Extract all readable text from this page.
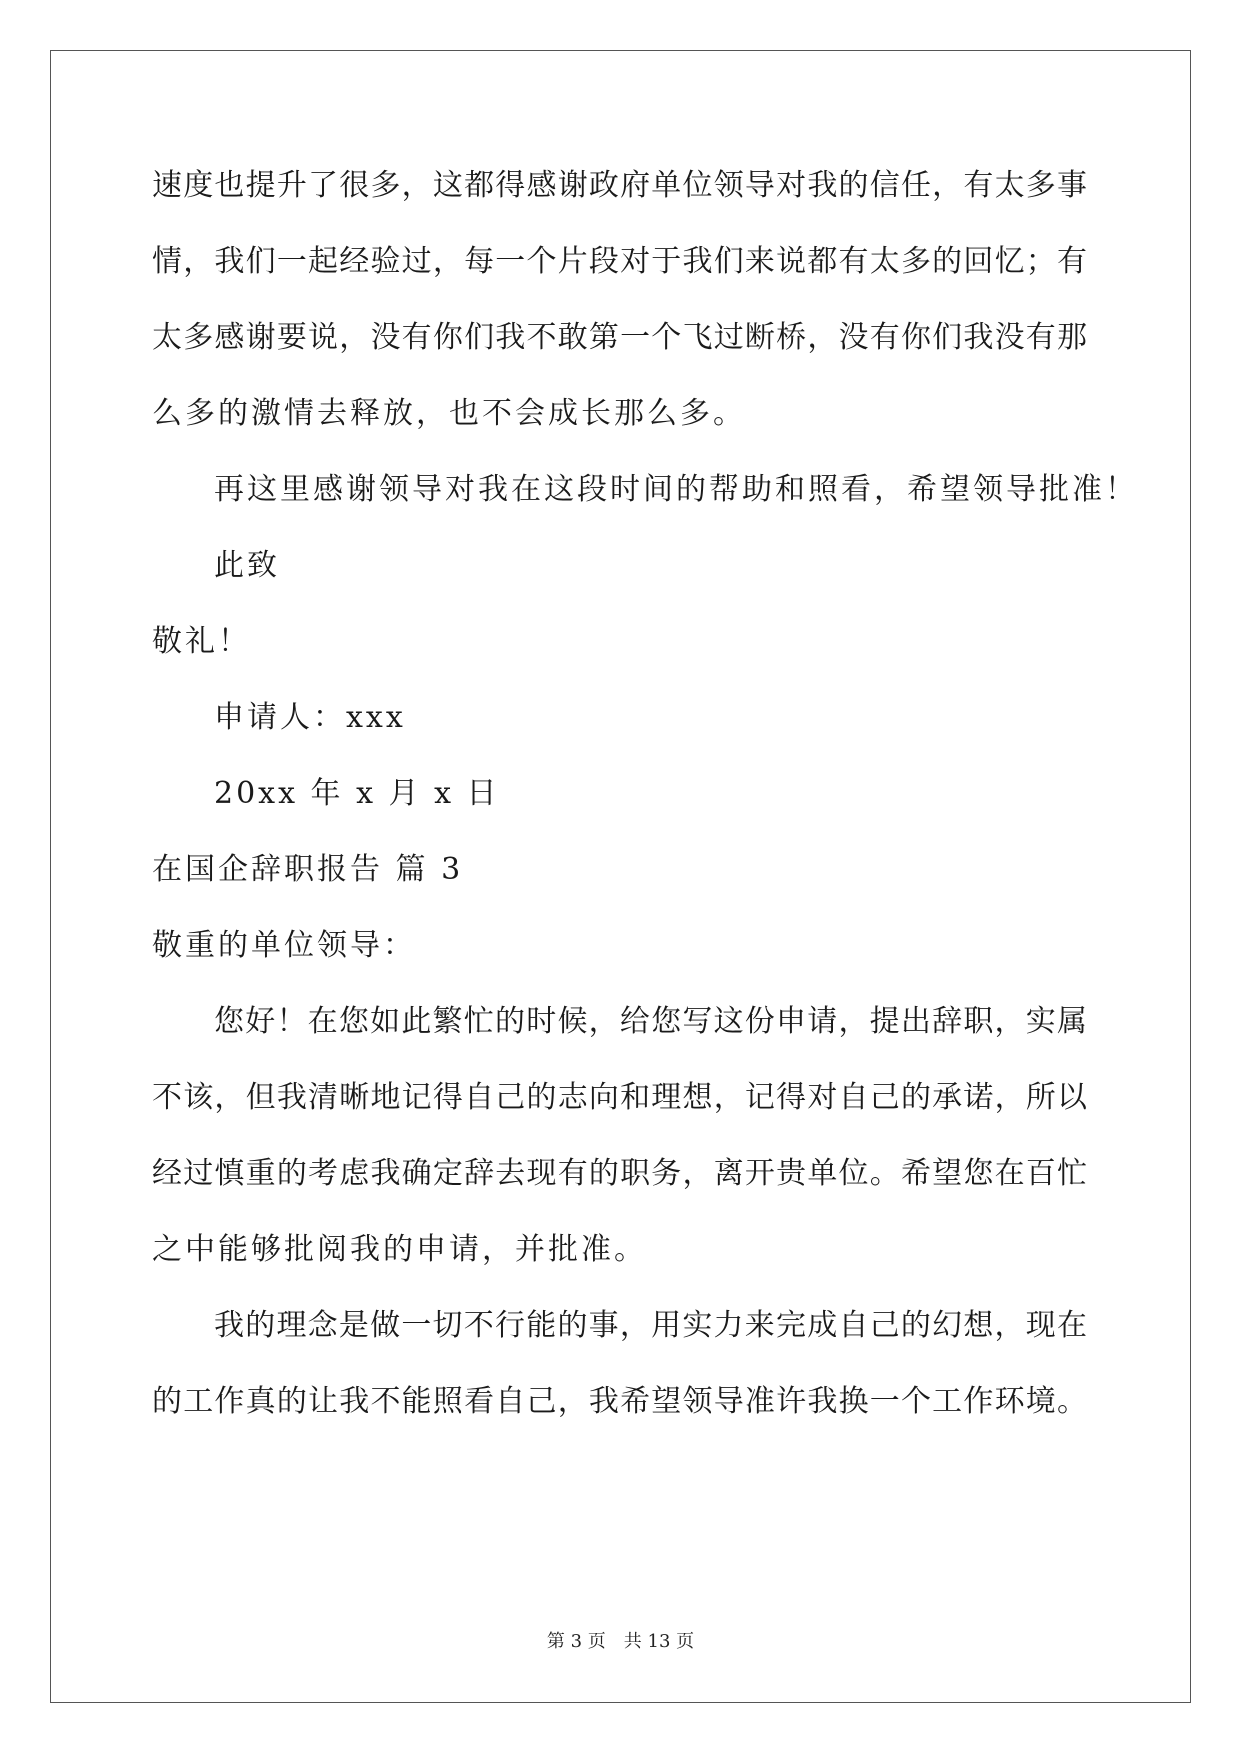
速度也提升了很多，这都得感谢政府单位领导对我的信任，有太多事
情，我们一起经验过，每一个片段对于我们来说都有太多的回忆；有
太多感谢要说，没有你们我不敢第一个飞过断桥，没有你们我没有那
么多的激情去释放，也不会成长那么多。
再这里感谢领导对我在这段时间的帮助和照看，希望领导批准！
此致
敬礼！
申请人：xxx
20xx 年 x 月 x 日
在国企辞职报告 篇 3
敬重的单位领导：
您好！在您如此繁忙的时候，给您写这份申请，提出辞职，实属
不该，但我清晰地记得自己的志向和理想，记得对自己的承诺，所以
经过慎重的考虑我确定辞去现有的职务，离开贵单位。希望您在百忙
之中能够批阅我的申请，并批准。
我的理念是做一切不行能的事，用实力来完成自己的幻想，现在
的工作真的让我不能照看自己，我希望领导准许我换一个工作环境。
第 3 页　共 13 页
